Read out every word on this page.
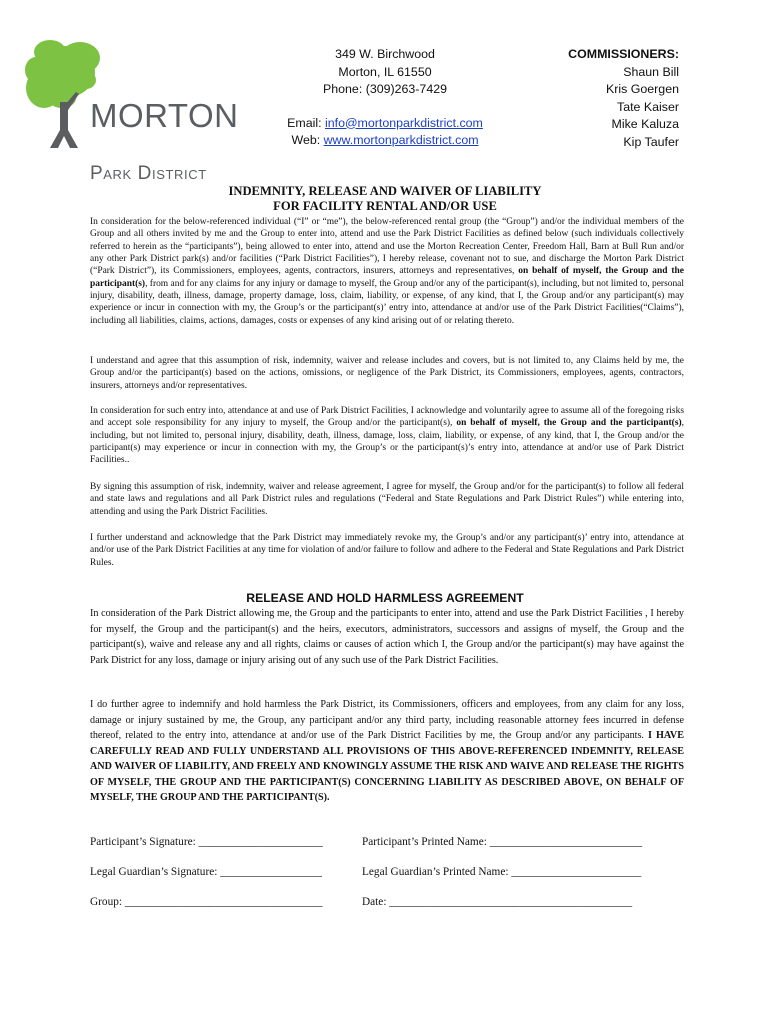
MORTON
Park District
349 W. Birchwood
Morton, IL 61550
Phone: (309)263-7429
Email: info@mortonparkdistrict.com
Web: www.mortonparkdistrict.com
COMMISSIONERS:
Shaun Bill
Kris Goergen
Tate Kaiser
Mike Kaluza
Kip Taufer
INDEMNITY, RELEASE AND WAIVER OF LIABILITY
FOR FACILITY RENTAL AND/OR USE
In consideration for the below-referenced individual (“I” or “me”), the below-referenced rental group (the “Group”) and/or the individual members of the Group and all others invited by me and the Group to enter into, attend and use the Park District Facilities as defined below (such individuals collectively referred to herein as the “participants”), being allowed to enter into, attend and use the Morton Recreation Center, Freedom Hall, Barn at Bull Run and/or any other Park District park(s) and/or facilities (“Park District Facilities”), I hereby release, covenant not to sue, and discharge the Morton Park District (“Park District”), its Commissioners, employees, agents, contractors, insurers, attorneys and representatives, on behalf of myself, the Group and the participant(s), from and for any claims for any injury or damage to myself, the Group and/or any of the participant(s), including, but not limited to, personal injury, disability, death, illness, damage, property damage, loss, claim, liability, or expense, of any kind, that I, the Group and/or any participant(s) may experience or incur in connection with my, the Group’s or the participant(s)’ entry into, attendance at and/or use of the Park District Facilities(“Claims”), including all liabilities, claims, actions, damages, costs or expenses of any kind arising out of or relating thereto.
I understand and agree that this assumption of risk, indemnity, waiver and release includes and covers, but is not limited to, any Claims held by me, the Group and/or the participant(s) based on the actions, omissions, or negligence of the Park District, its Commissioners, employees, agents, contractors, insurers, attorneys and/or representatives.
In consideration for such entry into, attendance at and use of Park District Facilities, I acknowledge and voluntarily agree to assume all of the foregoing risks and accept sole responsibility for any injury to myself, the Group and/or the participant(s), on behalf of myself, the Group and the participant(s), including, but not limited to, personal injury, disability, death, illness, damage, loss, claim, liability, or expense, of any kind, that I, the Group and/or the participant(s) may experience or incur in connection with my, the Group’s or the participant(s)’s entry into, attendance at and/or use of Park District Facilities..
By signing this assumption of risk, indemnity, waiver and release agreement, I agree for myself, the Group and/or for the participant(s) to follow all federal and state laws and regulations and all Park District rules and regulations (“Federal and State Regulations and Park District Rules”) while entering into, attending and using the Park District Facilities.
I further understand and acknowledge that the Park District may immediately revoke my, the Group’s and/or any participant(s)’ entry into, attendance at and/or use of the Park District Facilities at any time for violation of and/or failure to follow and adhere to the Federal and State Regulations and Park District Rules.
RELEASE AND HOLD HARMLESS AGREEMENT
In consideration of the Park District allowing me, the Group and the participants to enter into, attend and use the Park District Facilities , I hereby for myself, the Group and the participant(s) and the heirs, executors, administrators, successors and assigns of myself, the Group and the participant(s), waive and release any and all rights, claims or causes of action which I, the Group and/or the participant(s) may have against the Park District for any loss, damage or injury arising out of any such use of the Park District Facilities.
I do further agree to indemnify and hold harmless the Park District, its Commissioners, officers and employees, from any claim for any loss, damage or injury sustained by me, the Group, any participant and/or any third party, including reasonable attorney fees incurred in defense thereof, related to the entry into, attendance at and/or use of the Park District Facilities by me, the Group and/or any participants. I HAVE CAREFULLY READ AND FULLY UNDERSTAND ALL PROVISIONS OF THIS ABOVE-REFERENCED INDEMNITY, RELEASE AND WAIVER OF LIABILITY, AND FREELY AND KNOWINGLY ASSUME THE RISK AND WAIVE AND RELEASE THE RIGHTS OF MYSELF, THE GROUP AND THE PARTICIPANT(S) CONCERNING LIABILITY AS DESCRIBED ABOVE, ON BEHALF OF MYSELF, THE GROUP AND THE PARTICIPANT(S).
Participant’s Signature: ______________________	Participant’s Printed Name: ___________________________
Legal Guardian’s Signature: __________________	Legal Guardian’s Printed Name: _______________________
Group: ___________________________________	Date: ___________________________________________
